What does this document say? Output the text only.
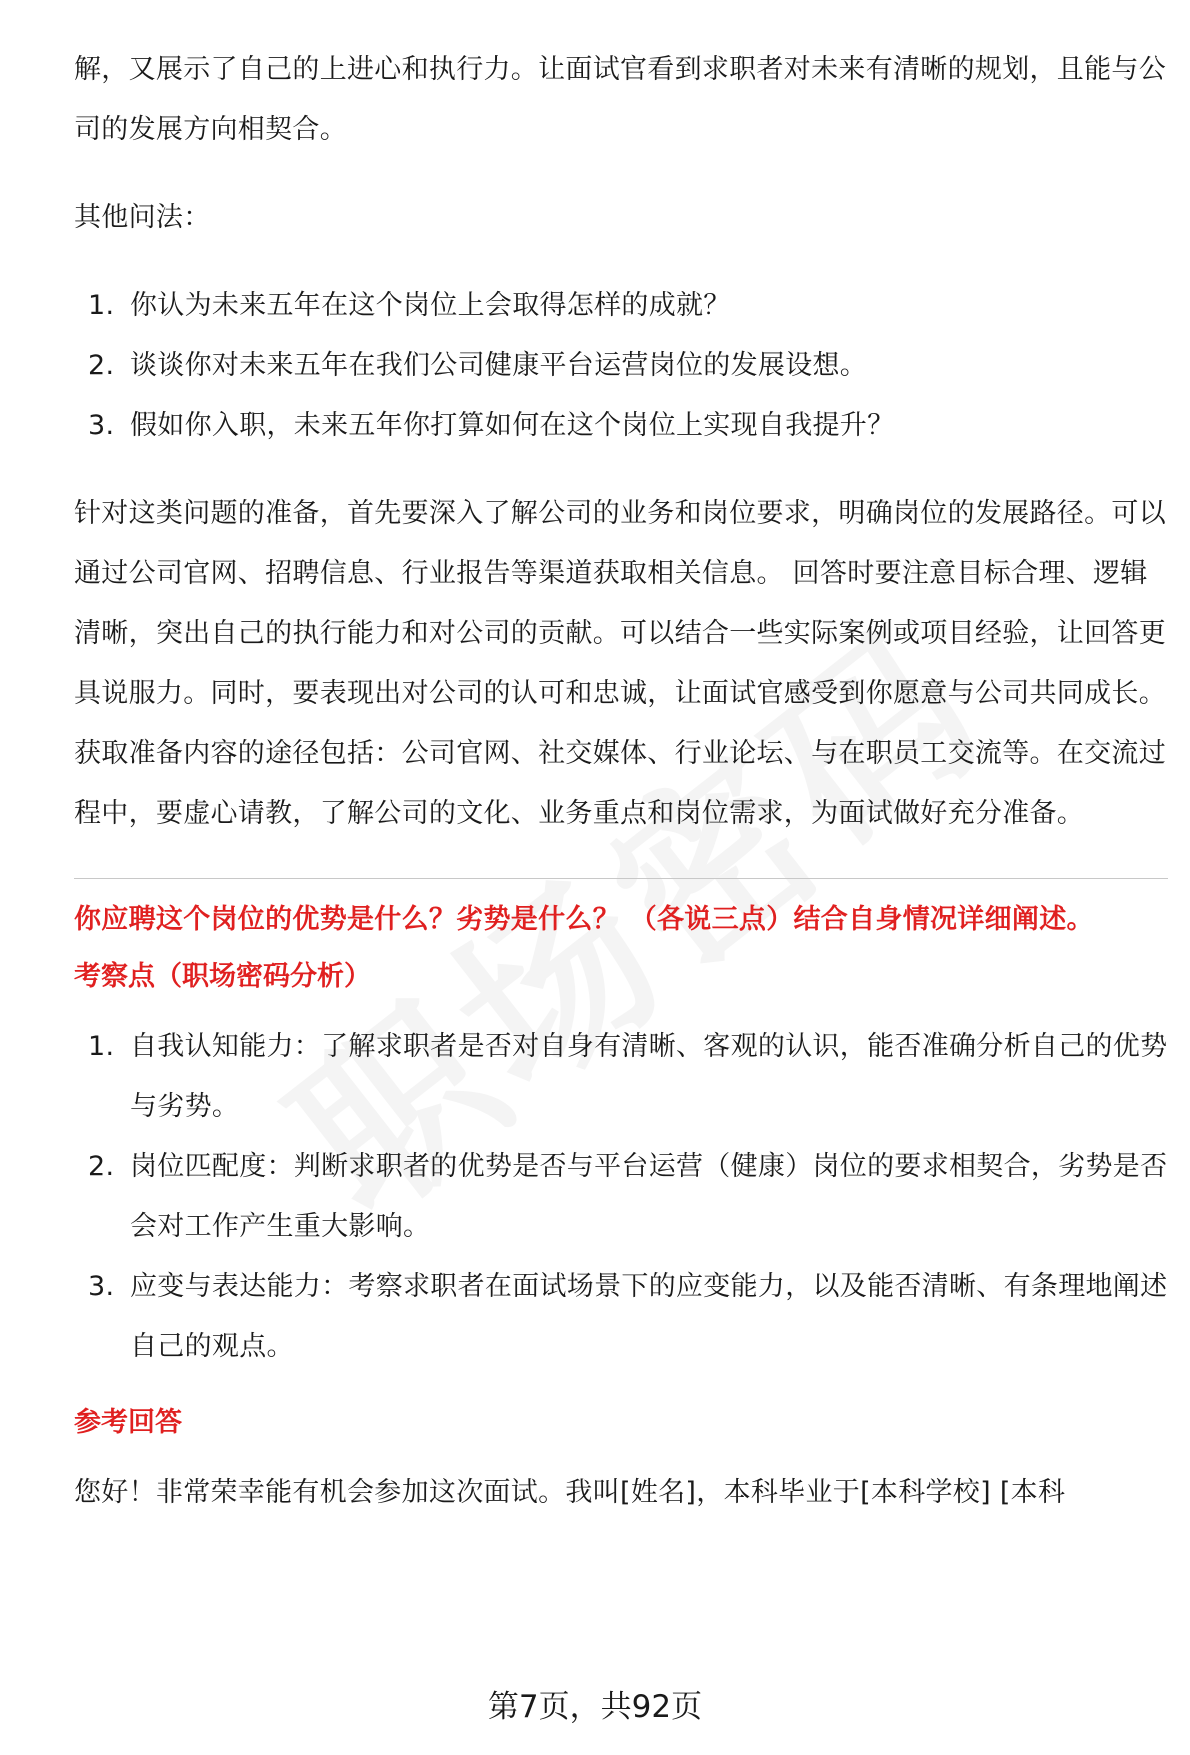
解，又展示了自己的上进心和执行力。让面试官看到求职者对未来有清晰的规划，且能与公司的发展方向相契合。

其他问法：

1. 你认为未来五年在这个岗位上会取得怎样的成就？
2. 谈谈你对未来五年在我们公司健康平台运营岗位的发展设想。
3. 假如你入职，未来五年你打算如何在这个岗位上实现自我提升？

针对这类问题的准备，首先要深入了解公司的业务和岗位要求，明确岗位的发展路径。可以通过公司官网、招聘信息、行业报告等渠道获取相关信息。 回答时要注意目标合理、逻辑清晰，突出自己的执行能力和对公司的贡献。可以结合一些实际案例或项目经验，让回答更具说服力。同时，要表现出对公司的认可和忠诚，让面试官感受到你愿意与公司共同成长。 获取准备内容的途径包括：公司官网、社交媒体、行业论坛、与在职员工交流等。在交流过程中，要虚心请教，了解公司的文化、业务重点和岗位需求，为面试做好充分准备。

你应聘这个岗位的优势是什么？劣势是什么？ （各说三点）结合自身情况详细阐述。

考察点（职场密码分析）

1. 自我认知能力：了解求职者是否对自身有清晰、客观的认识，能否准确分析自己的优势与劣势。
2. 岗位匹配度：判断求职者的优势是否与平台运营（健康）岗位的要求相契合，劣势是否会对工作产生重大影响。
3. 应变与表达能力：考察求职者在面试场景下的应变能力，以及能否清晰、有条理地阐述自己的观点。

参考回答

您好！非常荣幸能有机会参加这次面试。我叫[姓名]，本科毕业于[本科学校] [本科

第7页，共92页
